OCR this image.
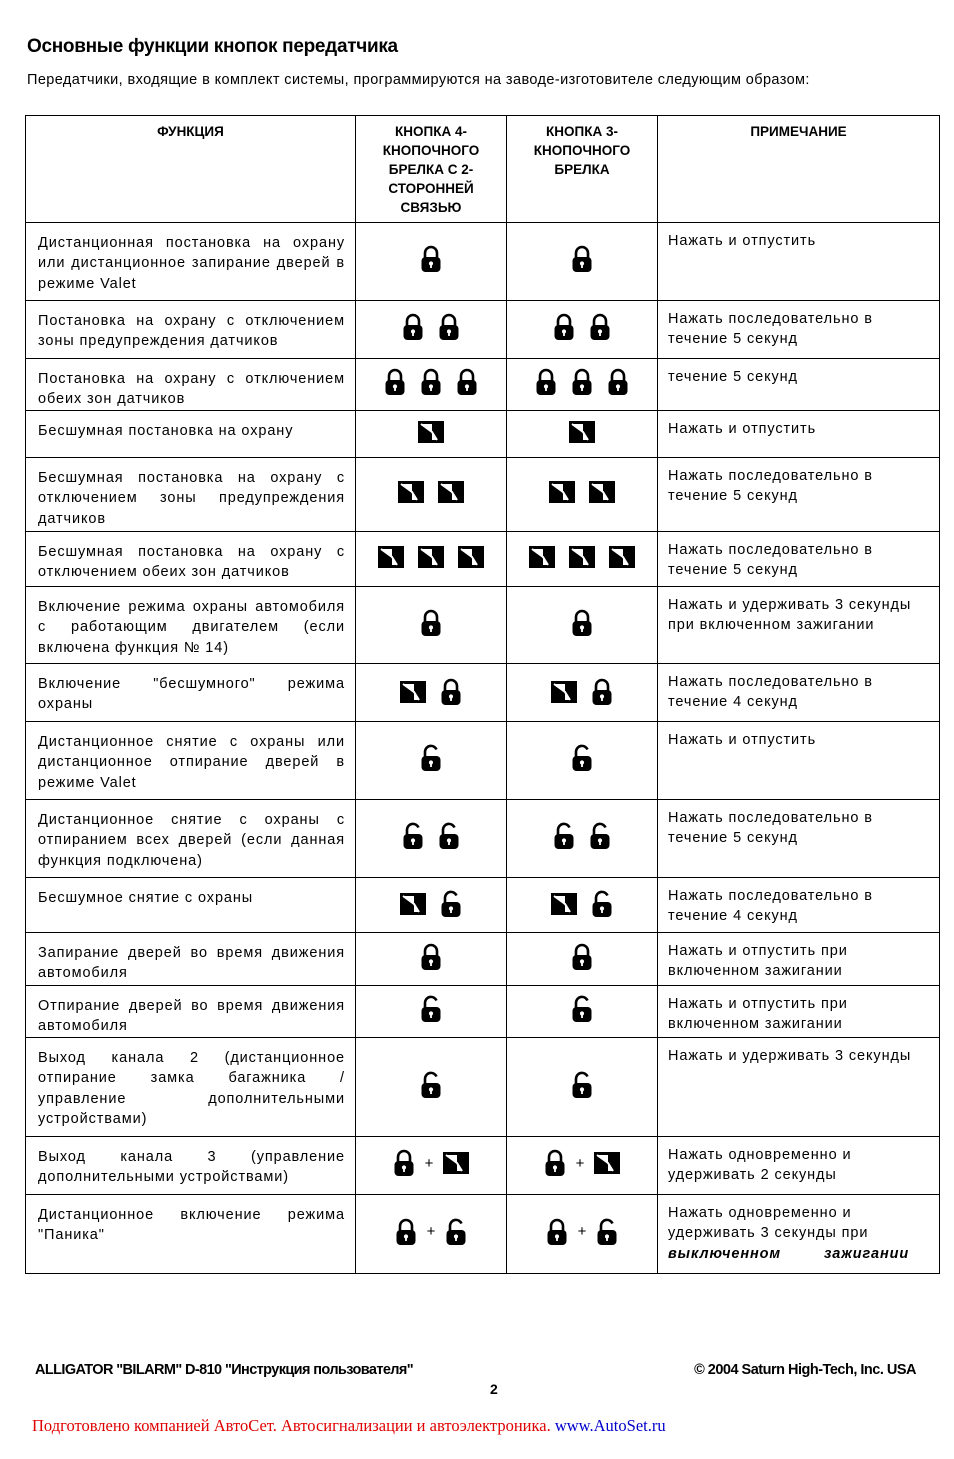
Основные функции кнопок передатчика
Передатчики, входящие в комплект системы, программируются на заводе-изготовителе следующим образом:
ФУНКЦИЯ	КНОПКА 4-КНОПОЧНОГО БРЕЛКА С 2-СТОРОННЕЙ СВЯЗЬЮ	КНОПКА 3-КНОПОЧНОГО БРЕЛКА	ПРИМЕЧАНИЕ
Дистанционная постановка на охрану или дистанционное запирание дверей в режиме Valet			Нажать и отпустить
Постановка на охрану с отключением зоны предупреждения датчиков			Нажать последовательно в течение 5 секунд
Постановка на охрану с отключением обеих зон датчиков			течение 5 секунд
Бесшумная постановка на охрану			Нажать и отпустить
Бесшумная постановка на охрану с отключением зоны предупреждения датчиков			Нажать последовательно в течение 5 секунд
Бесшумная постановка на охрану с отключением обеих зон датчиков			Нажать последовательно в течение 5 секунд
Включение режима охраны автомобиля с работающим двигателем (если включена функция № 14)			Нажать и удерживать 3 секунды при включенном зажигании
Включение "бесшумного" режима охраны			Нажать последовательно в течение 4 секунд
Дистанционное снятие с охраны или дистанционное отпирание дверей в режиме Valet			Нажать и отпустить
Дистанционное снятие с охраны с отпиранием всех дверей (если данная функция подключена)			Нажать последовательно в течение 5 секунд
Бесшумное снятие с охраны			Нажать последовательно в течение 4 секунд
Запирание дверей во время движения автомобиля			Нажать и отпустить при включенном зажигании
Отпирание дверей во время движения автомобиля			Нажать и отпустить при включенном зажигании
Выход канала 2 (дистанционное отпирание замка багажника / управление дополнительными устройствами)			Нажать и удерживать 3 секунды
Выход канала 3 (управление дополнительными устройствами)	+	+	Нажать одновременно и удерживать 2 секунды
Дистанционное включение режима "Паника"	+	+	Нажать одновременно и удерживать 3 секунды при
выключенном зажигании
ALLIGATOR "BILARM" D-810 "Инструкция пользователя"	© 2004 Saturn High-Tech, Inc. USA
2
Подготовлено компанией АвтоСет. Автосигнализации и автоэлектроника. www.AutoSet.ru
